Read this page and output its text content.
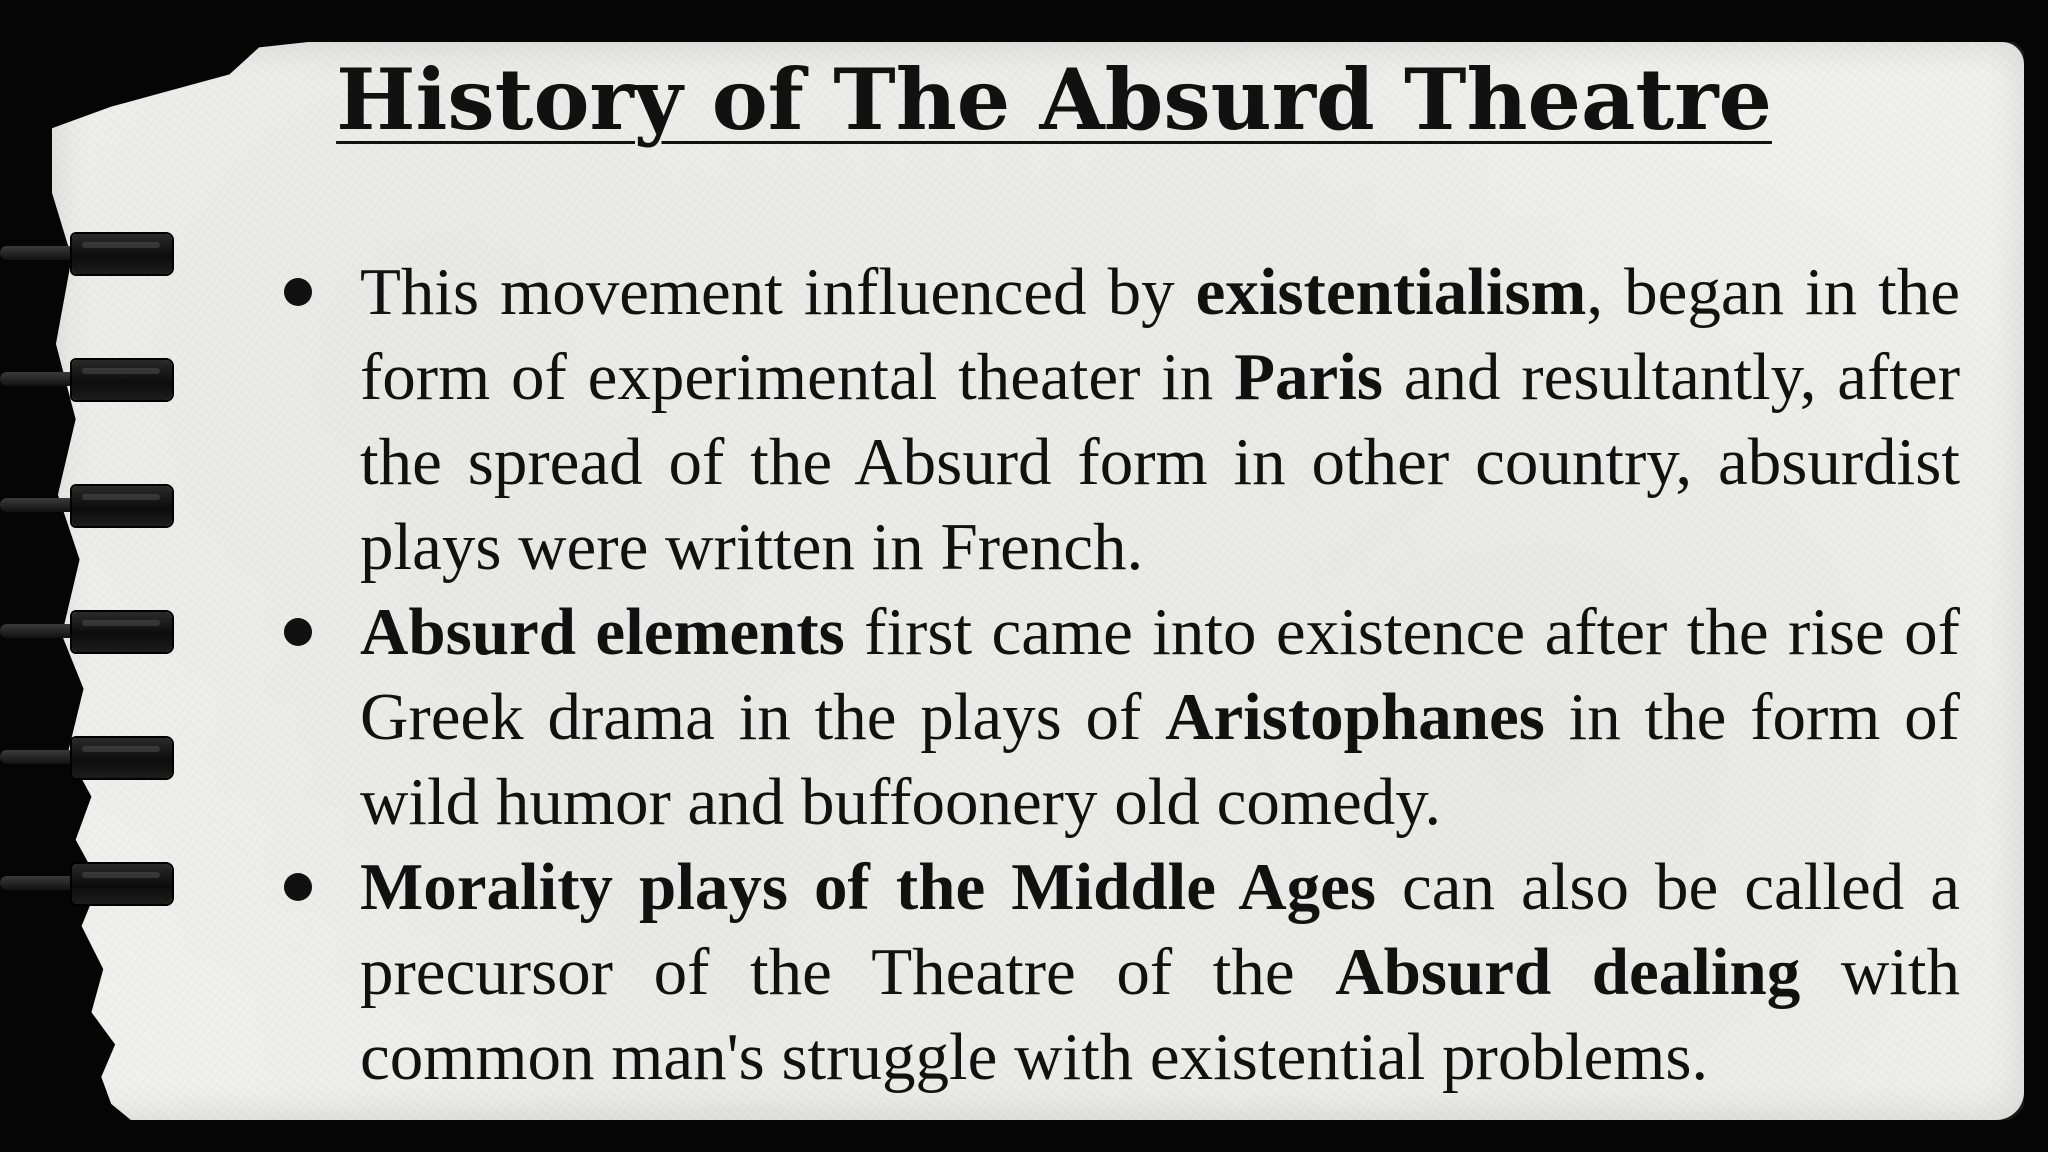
History of The Absurd Theatre
This movement influenced by existentialism, began in the form of experimental theater in Paris and resultantly, after the spread of the Absurd form in other country, absurdist plays were written in French.
Absurd elements first came into existence after the rise of Greek drama in the plays of Aristophanes in the form of wild humor and buffoonery old comedy.
Morality plays of the Middle Ages can also be called a precursor of the Theatre of the Absurd dealing with common man's struggle with existential problems.
